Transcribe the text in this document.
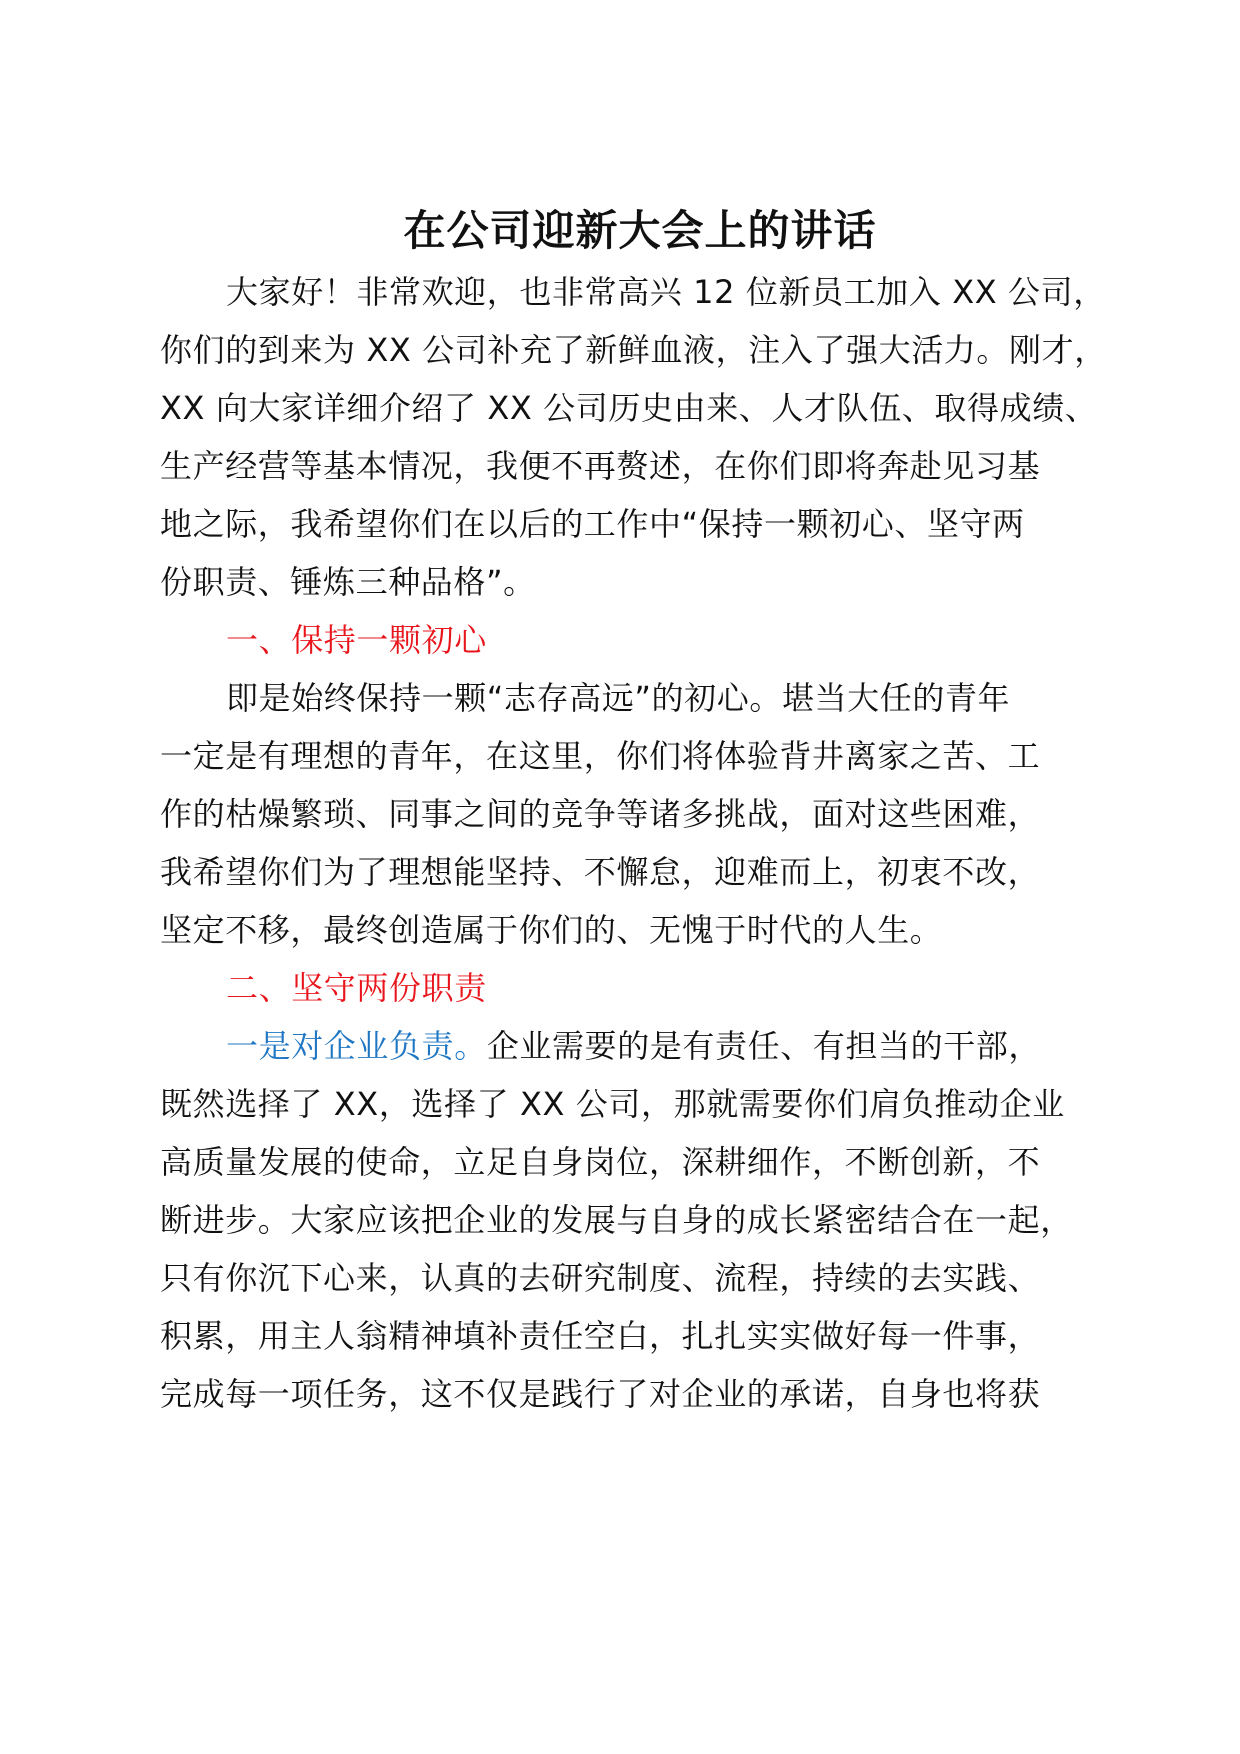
在公司迎新大会上的讲话
大家好！非常欢迎，也非常高兴 12 位新员工加入 XX 公司，
你们的到来为 XX 公司补充了新鲜血液，注入了强大活力。刚才，
XX 向大家详细介绍了 XX 公司历史由来、人才队伍、取得成绩、
生产经营等基本情况，我便不再赘述，在你们即将奔赴见习基
地之际，我希望你们在以后的工作中“保持一颗初心、坚守两
份职责、锤炼三种品格”。
一、保持一颗初心
即是始终保持一颗“志存高远”的初心。堪当大任的青年
一定是有理想的青年，在这里，你们将体验背井离家之苦、工
作的枯燥繁琐、同事之间的竞争等诸多挑战，面对这些困难，
我希望你们为了理想能坚持、不懈怠，迎难而上，初衷不改，
坚定不移，最终创造属于你们的、无愧于时代的人生。
二、坚守两份职责
一是对企业负责。企业需要的是有责任、有担当的干部，
既然选择了 XX，选择了 XX 公司，那就需要你们肩负推动企业
高质量发展的使命，立足自身岗位，深耕细作，不断创新，不
断进步。大家应该把企业的发展与自身的成长紧密结合在一起，
只有你沉下心来，认真的去研究制度、流程，持续的去实践、
积累，用主人翁精神填补责任空白，扎扎实实做好每一件事，
完成每一项任务，这不仅是践行了对企业的承诺，自身也将获
